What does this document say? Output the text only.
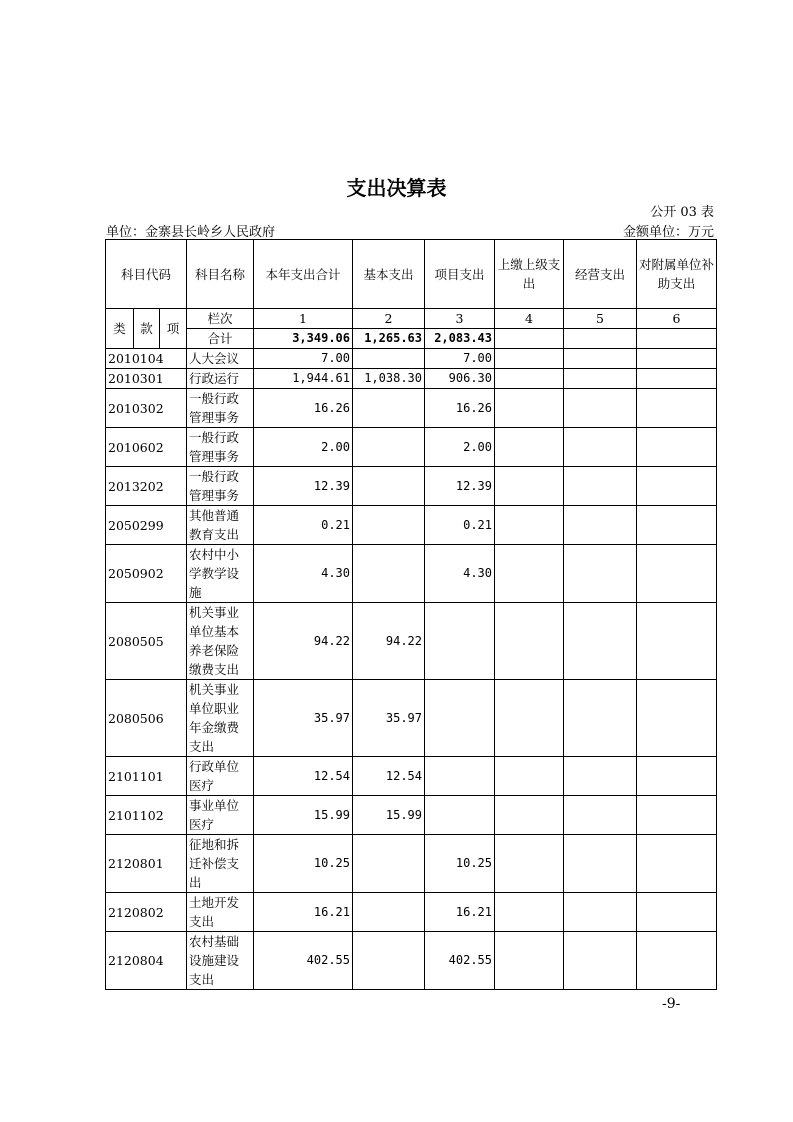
支出决算表
公开 03 表
单位：金寨县长岭乡人民政府	金额单位：万元
科目代码			科目名称	本年支出合计	基本支出	项目支出	上缴上级支出	经营支出	对附属单位补助支出
类	款	项	栏次	1	2	3	4	5	6
			合计	3,349.06	1,265.63	2,083.43			
2010104			人大会议	7.00		7.00			
2010301			行政运行	1,944.61	1,038.30	906.30			
2010302			一般行政管理事务	16.26		16.26			
2010602			一般行政管理事务	2.00		2.00			
2013202			一般行政管理事务	12.39		12.39			
2050299			其他普通教育支出	0.21		0.21			
2050902			农村中小学教学设施	4.30		4.30			
2080505			机关事业单位基本养老保险缴费支出	94.22	94.22				
2080506			机关事业单位职业年金缴费支出	35.97	35.97				
2101101			行政单位医疗	12.54	12.54				
2101102			事业单位医疗	15.99	15.99				
2120801			征地和拆迁补偿支出	10.25		10.25			
2120802			土地开发支出	16.21		16.21			
2120804			农村基础设施建设支出	402.55		402.55			
-9-
